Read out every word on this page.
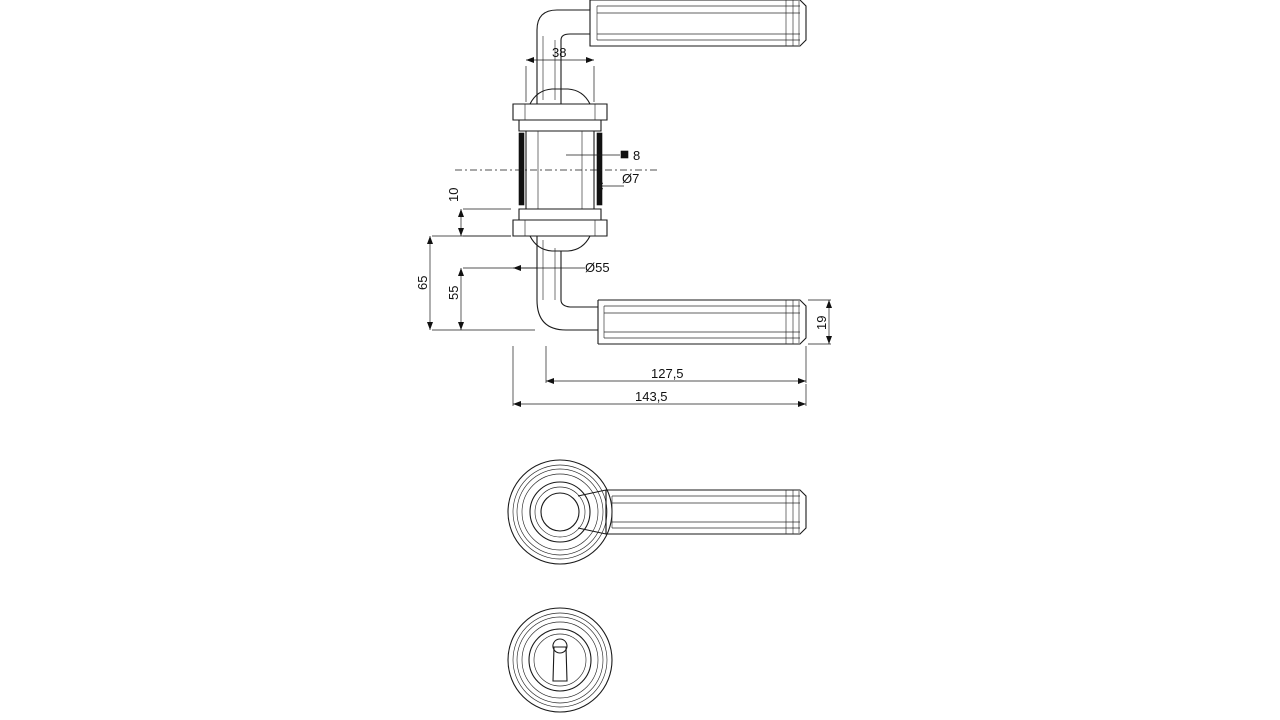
38
8
Ø7
10
65
55
Ø55
19
127,5
143,5
